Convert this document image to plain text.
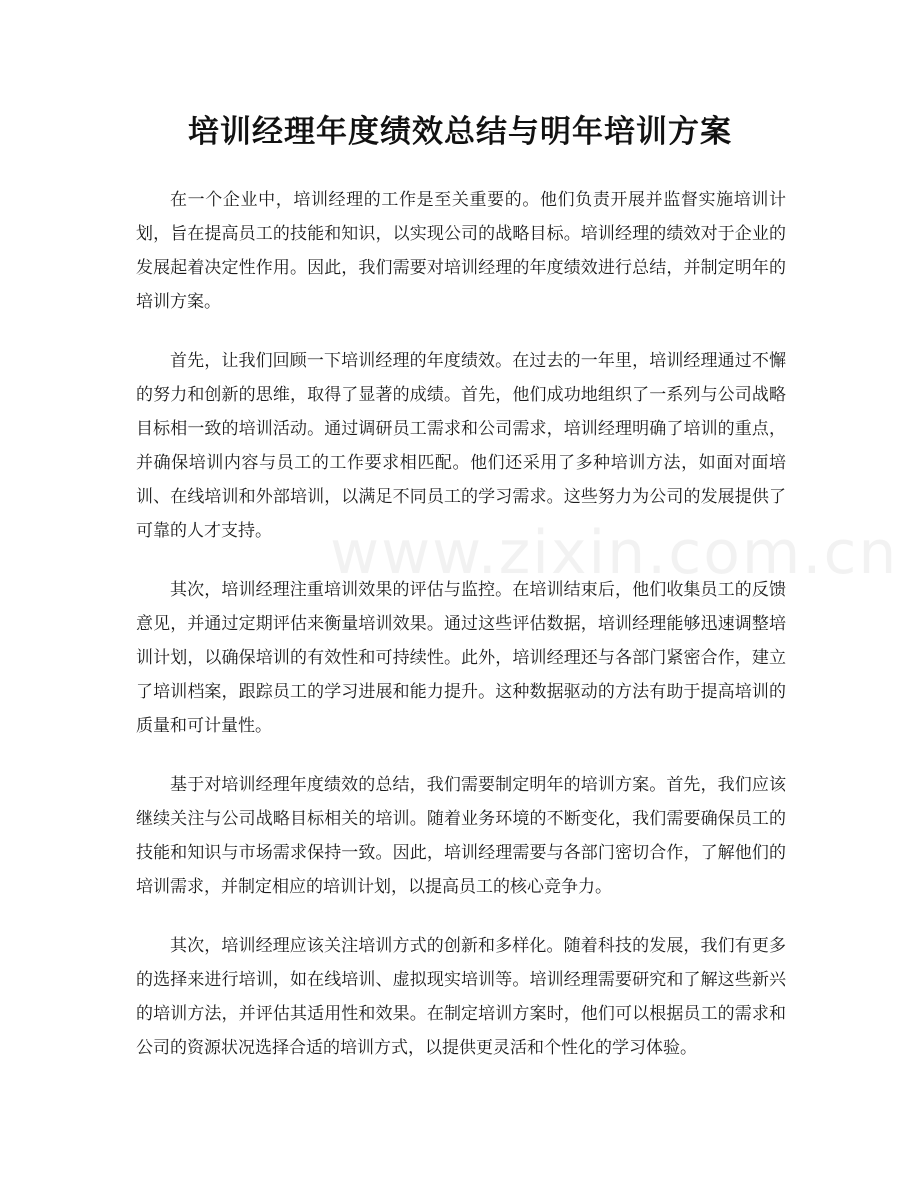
培训经理年度绩效总结与明年培训方案

在一个企业中，培训经理的工作是至关重要的。他们负责开展并监督实施培训计划，旨在提高员工的技能和知识，以实现公司的战略目标。培训经理的绩效对于企业的发展起着决定性作用。因此，我们需要对培训经理的年度绩效进行总结，并制定明年的培训方案。

首先，让我们回顾一下培训经理的年度绩效。在过去的一年里，培训经理通过不懈的努力和创新的思维，取得了显著的成绩。首先，他们成功地组织了一系列与公司战略目标相一致的培训活动。通过调研员工需求和公司需求，培训经理明确了培训的重点，并确保培训内容与员工的工作要求相匹配。他们还采用了多种培训方法，如面对面培训、在线培训和外部培训，以满足不同员工的学习需求。这些努力为公司的发展提供了可靠的人才支持。

其次，培训经理注重培训效果的评估与监控。在培训结束后，他们收集员工的反馈意见，并通过定期评估来衡量培训效果。通过这些评估数据，培训经理能够迅速调整培训计划，以确保培训的有效性和可持续性。此外，培训经理还与各部门紧密合作，建立了培训档案，跟踪员工的学习进展和能力提升。这种数据驱动的方法有助于提高培训的质量和可计量性。

基于对培训经理年度绩效的总结，我们需要制定明年的培训方案。首先，我们应该继续关注与公司战略目标相关的培训。随着业务环境的不断变化，我们需要确保员工的技能和知识与市场需求保持一致。因此，培训经理需要与各部门密切合作，了解他们的培训需求，并制定相应的培训计划，以提高员工的核心竞争力。

其次，培训经理应该关注培训方式的创新和多样化。随着科技的发展，我们有更多的选择来进行培训，如在线培训、虚拟现实培训等。培训经理需要研究和了解这些新兴的培训方法，并评估其适用性和效果。在制定培训方案时，他们可以根据员工的需求和公司的资源状况选择合适的培训方式，以提供更灵活和个性化的学习体验。

www.zixin.com.cn
